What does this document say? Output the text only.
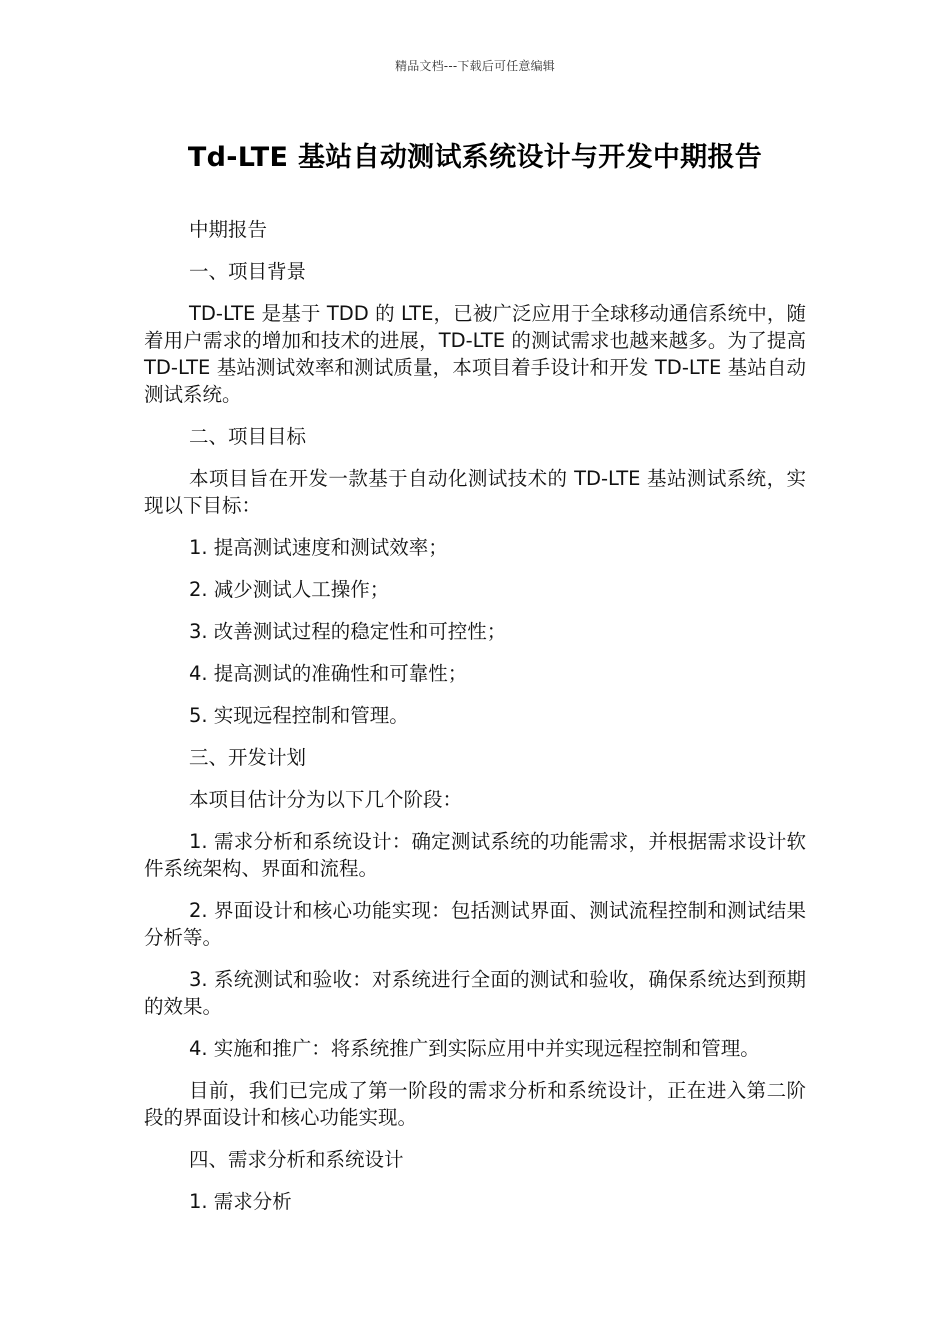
精品文档---下载后可任意编辑
Td-LTE 基站自动测试系统设计与开发中期报告

中期报告

一、项目背景

TD-LTE 是基于 TDD 的 LTE，已被广泛应用于全球移动通信系统中，随着用户需求的增加和技术的进展，TD-LTE 的测试需求也越来越多。为了提高 TD-LTE 基站测试效率和测试质量，本项目着手设计和开发 TD-LTE 基站自动测试系统。

二、项目目标

本项目旨在开发一款基于自动化测试技术的 TD-LTE 基站测试系统，实现以下目标：

1. 提高测试速度和测试效率；

2. 减少测试人工操作；

3. 改善测试过程的稳定性和可控性；

4. 提高测试的准确性和可靠性；

5. 实现远程控制和管理。

三、开发计划

本项目估计分为以下几个阶段：

1. 需求分析和系统设计：确定测试系统的功能需求，并根据需求设计软件系统架构、界面和流程。

2. 界面设计和核心功能实现：包括测试界面、测试流程控制和测试结果分析等。

3. 系统测试和验收：对系统进行全面的测试和验收，确保系统达到预期的效果。

4. 实施和推广：将系统推广到实际应用中并实现远程控制和管理。

目前，我们已完成了第一阶段的需求分析和系统设计，正在进入第二阶段的界面设计和核心功能实现。

四、需求分析和系统设计

1. 需求分析
